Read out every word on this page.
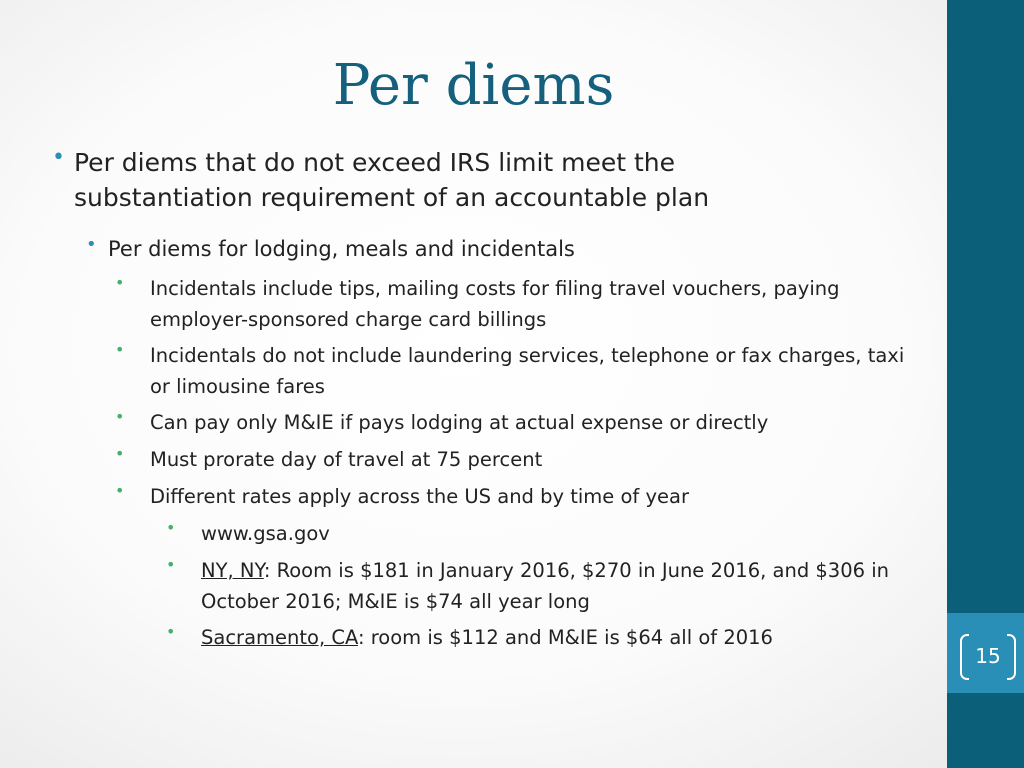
15
Per diems
• Per diems that do not exceed IRS limit meet the substantiation requirement of an accountable plan
• Per diems for lodging, meals and incidentals
• Incidentals include tips, mailing costs for filing travel vouchers, paying employer-sponsored charge card billings
• Incidentals do not include laundering services, telephone or fax charges, taxi or limousine fares
• Can pay only M&IE if pays lodging at actual expense or directly
• Must prorate day of travel at 75 percent
• Different rates apply across the US and by time of year
• www.gsa.gov
• NY, NY: Room is $181 in January 2016, $270 in June 2016, and $306 in October 2016; M&IE is $74 all year long
• Sacramento, CA: room is $112 and M&IE is $64 all of 2016
